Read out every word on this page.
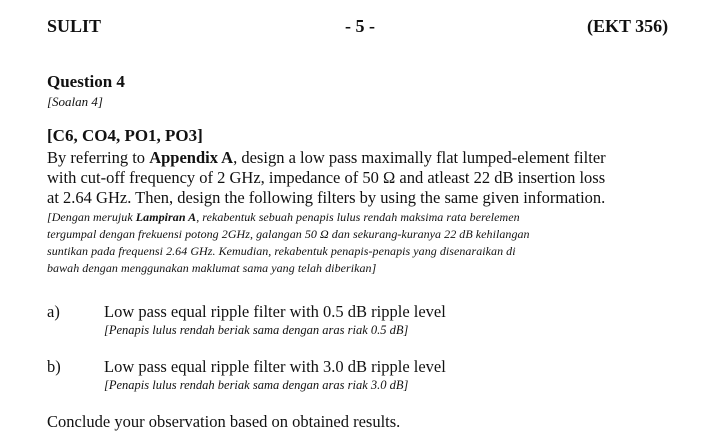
SULIT	- 5 -	(EKT 356)
Question 4
[Soalan 4]
[C6, CO4, PO1, PO3]
By referring to Appendix A, design a low pass maximally flat lumped-element filter
with cut-off frequency of 2 GHz, impedance of 50 Ω and atleast 22 dB insertion loss
at 2.64 GHz. Then, design the following filters by using the same given information.
[Dengan merujuk Lampiran A, rekabentuk sebuah penapis lulus rendah maksima rata berelemen
tergumpal dengan frekuensi potong 2GHz, galangan 50 Ω dan sekurang-kuranya 22 dB kehilangan
suntikan pada frequensi 2.64 GHz. Kemudian, rekabentuk penapis-penapis yang disenaraikan di
bawah dengan menggunakan maklumat sama yang telah diberikan]
a)	Low pass equal ripple filter with 0.5 dB ripple level
[Penapis lulus rendah beriak sama dengan aras riak 0.5 dB]
b)	Low pass equal ripple filter with 3.0 dB ripple level
[Penapis lulus rendah beriak sama dengan aras riak 3.0 dB]
Conclude your observation based on obtained results.
